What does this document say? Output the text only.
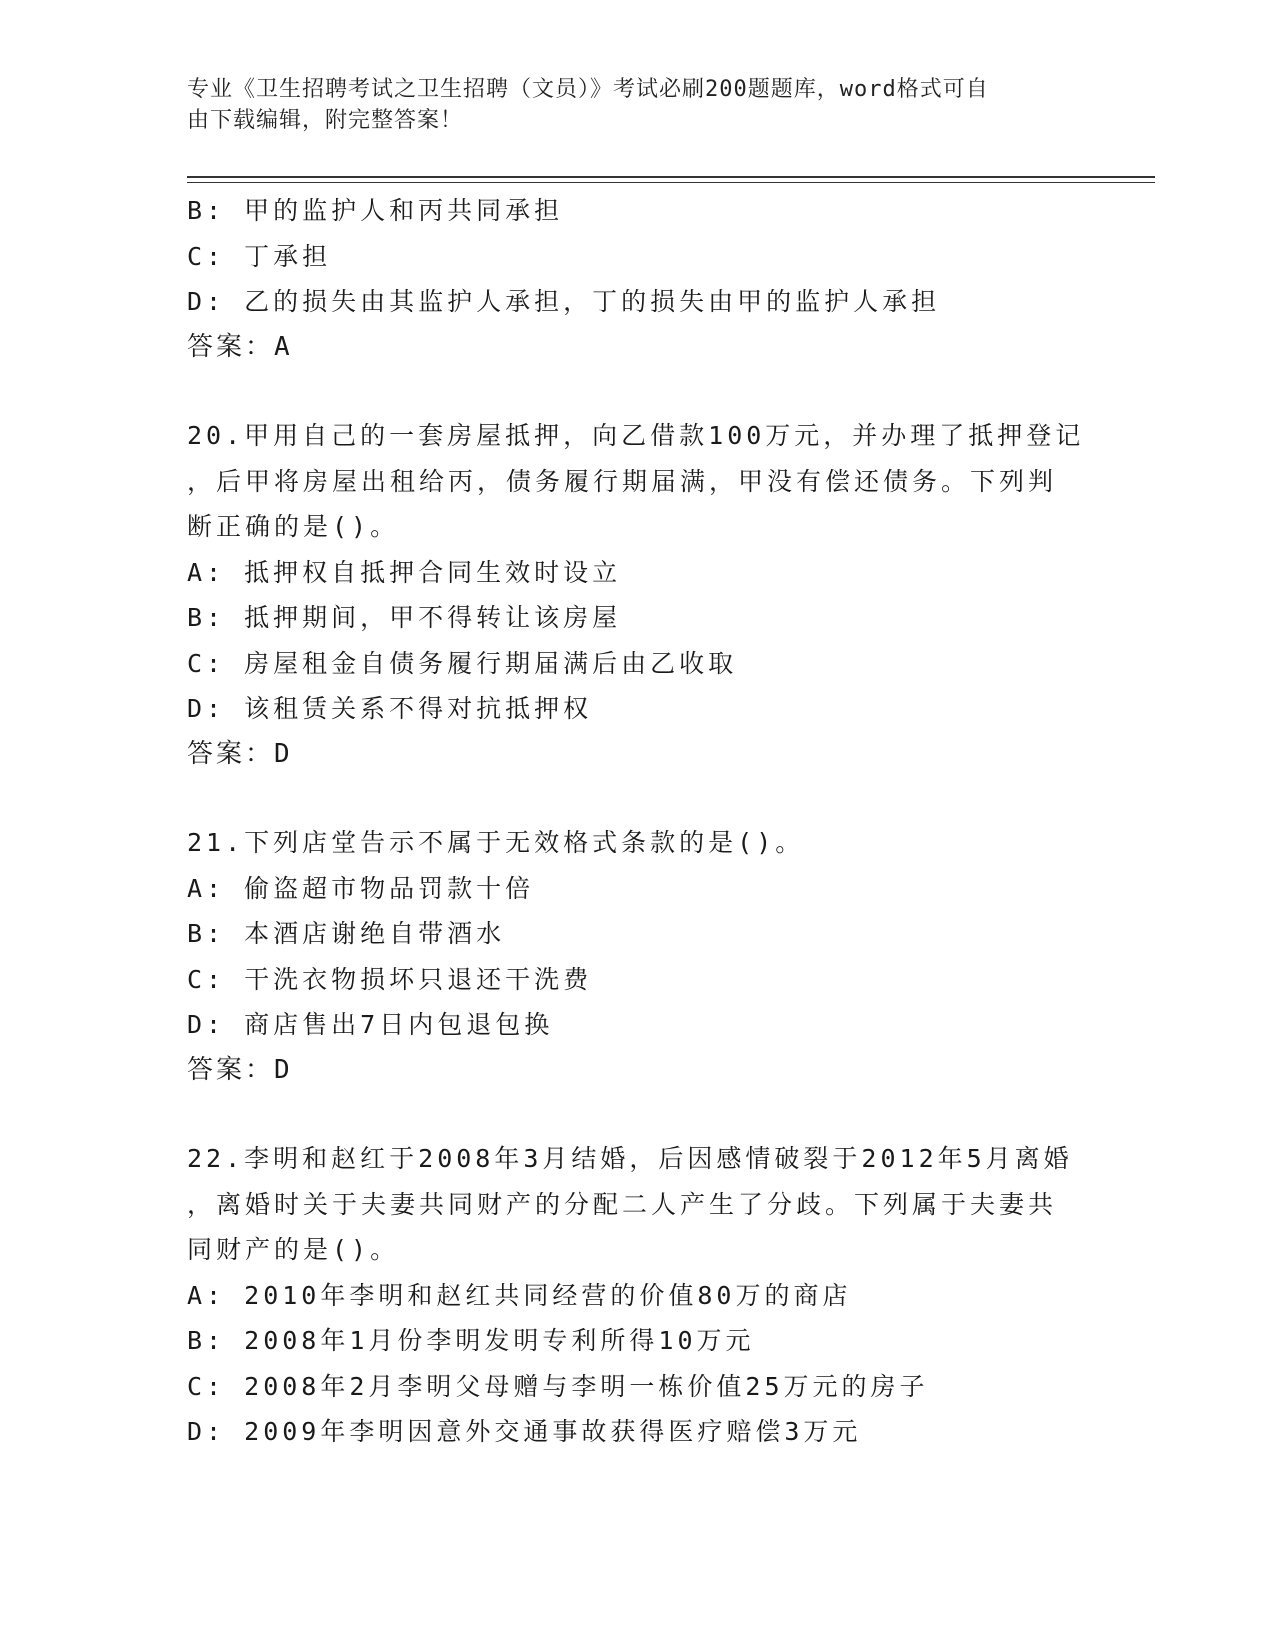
专业《卫生招聘考试之卫生招聘（文员）》考试必刷200题题库，word格式可自
由下载编辑，附完整答案！
B: 甲的监护人和丙共同承担
C: 丁承担
D: 乙的损失由其监护人承担，丁的损失由甲的监护人承担
答案：A
20.甲用自己的一套房屋抵押，向乙借款100万元，并办理了抵押登记
，后甲将房屋出租给丙，债务履行期届满，甲没有偿还债务。下列判
断正确的是()。
A: 抵押权自抵押合同生效时设立
B: 抵押期间，甲不得转让该房屋
C: 房屋租金自债务履行期届满后由乙收取
D: 该租赁关系不得对抗抵押权
答案：D
21.下列店堂告示不属于无效格式条款的是()。
A: 偷盗超市物品罚款十倍
B: 本酒店谢绝自带酒水
C: 干洗衣物损坏只退还干洗费
D: 商店售出7日内包退包换
答案：D
22.李明和赵红于2008年3月结婚，后因感情破裂于2012年5月离婚
，离婚时关于夫妻共同财产的分配二人产生了分歧。下列属于夫妻共
同财产的是()。
A: 2010年李明和赵红共同经营的价值80万的商店
B: 2008年1月份李明发明专利所得10万元
C: 2008年2月李明父母赠与李明一栋价值25万元的房子
D: 2009年李明因意外交通事故获得医疗赔偿3万元
